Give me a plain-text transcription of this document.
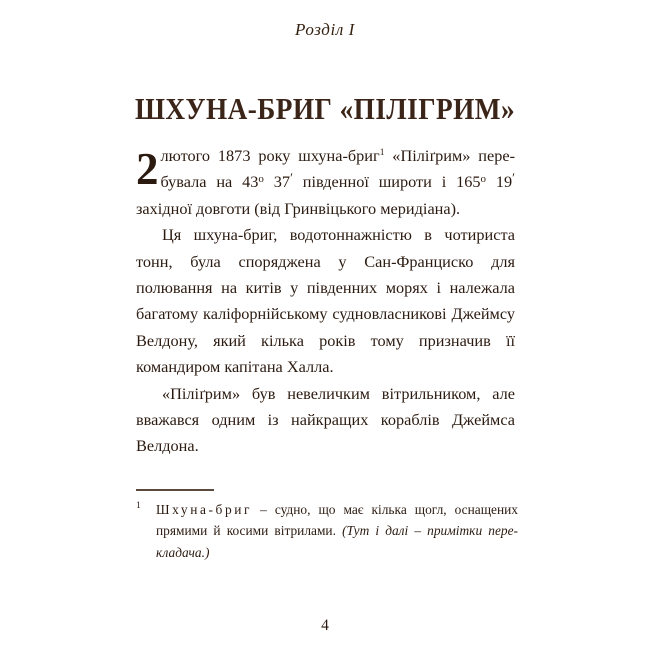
Розділ I
ШХУНА-БРИГ «ПІЛІГРИМ»

2 лютого 1873 року шхуна-бриг$^1$ «Піліґрим» перебувала на 43$^o$ 37′ південної широти і 165$^o$ 19′ західної довготи (від Гринвіцького меридіана).

Ця шхуна-бриг, водотоннажністю в чотириста тонн, була споряджена у Сан-Франциско для полювання на китів у південних морях і належала багатому каліфорнійському судновласникові Джеймсу Велдону, який кілька років тому призначив її командиром капітана Халла.

«Піліґрим» був невеличким вітрильником, але вважався одним із найкращих кораблів Джеймса Велдона.

1 Шхуна-бриг – судно, що має кілька щогл, оснащених прямими й косими вітрилами. (Тут і далі – примітки перекладача.)
4
